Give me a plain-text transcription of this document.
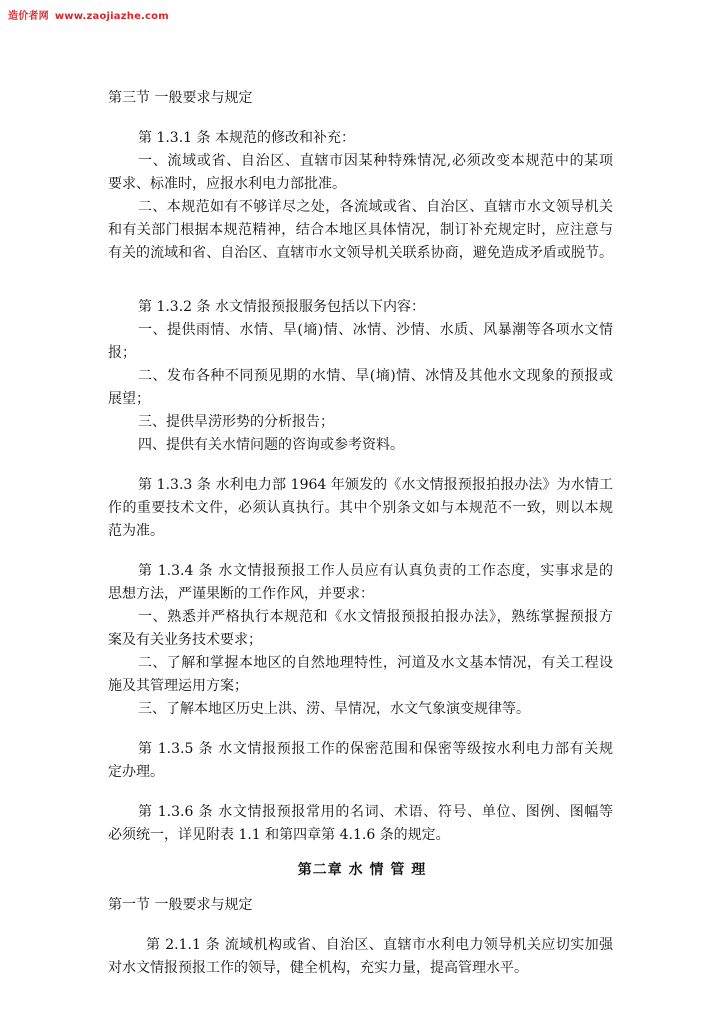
造价者网 www.zaojiazhe.com
第三节 一般要求与规定
第 1.3.1 条 本规范的修改和补充：
一、流域或省、自治区、直辖市因某种特殊情况,必须改变本规范中的某项
要求、标准时，应报水利电力部批准。
二、本规范如有不够详尽之处，各流域或省、自治区、直辖市水文领导机关
和有关部门根据本规范精神，结合本地区具体情况，制订补充规定时，应注意与
有关的流域和省、自治区、直辖市水文领导机关联系协商，避免造成矛盾或脱节。
第 1.3.2 条 水文情报预报服务包括以下内容：
一、提供雨情、水情、旱(墒)情、冰情、沙情、水质、风暴潮等各项水文情
报；
二、发布各种不同预见期的水情、旱(墒)情、冰情及其他水文现象的预报或
展望；
三、提供旱涝形势的分析报告；
四、提供有关水情问题的咨询或参考资料。
第 1.3.3 条 水利电力部 1964 年颁发的《水文情报预报拍报办法》为水情工
作的重要技术文件，必须认真执行。其中个别条文如与本规范不一致，则以本规
范为准。
第 1.3.4 条 水文情报预报工作人员应有认真负责的工作态度，实事求是的
思想方法，严谨果断的工作作风，并要求：
一、熟悉并严格执行本规范和《水文情报预报拍报办法》，熟练掌握预报方
案及有关业务技术要求；
二、了解和掌握本地区的自然地理特性，河道及水文基本情况，有关工程设
施及其管理运用方案；
三、了解本地区历史上洪、涝、旱情况，水文气象演变规律等。
第 1.3.5 条 水文情报预报工作的保密范围和保密等级按水利电力部有关规
定办理。
第 1.3.6 条 水文情报预报常用的名词、术语、符号、单位、图例、图幅等
必须统一，详见附表 1.1 和第四章第 4.1.6 条的规定。
第二章 水 情 管 理
第一节 一般要求与规定
第 2.1.1 条 流域机构或省、自治区、直辖市水利电力领导机关应切实加强
对水文情报预报工作的领导，健全机构，充实力量，提高管理水平。
